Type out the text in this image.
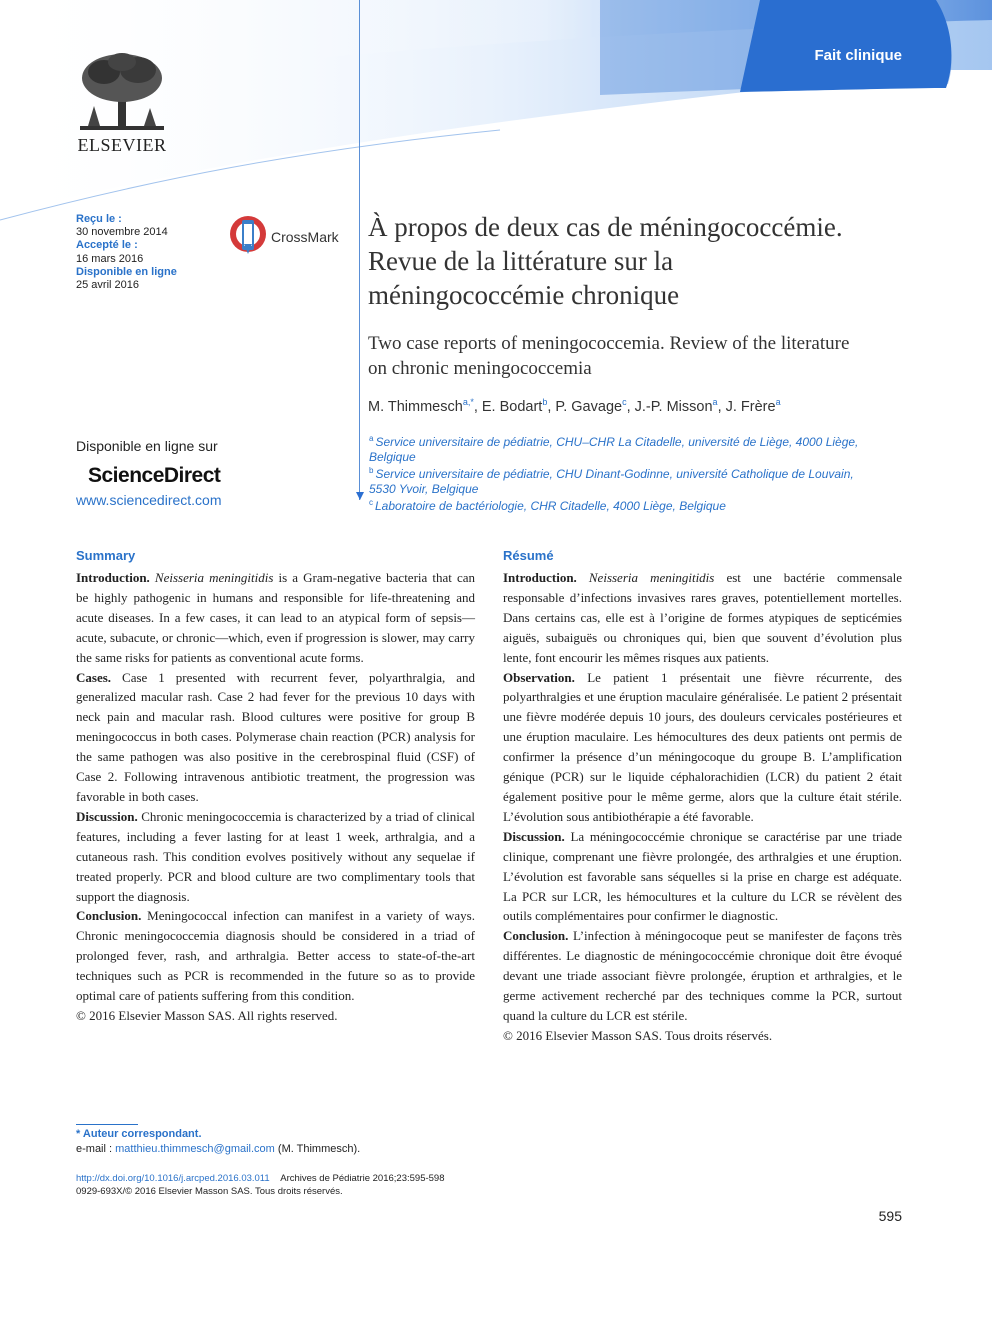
Fait clinique
ELSEVIER
Reçu le :
30 novembre 2014
Accepté le :
16 mars 2016
Disponible en ligne
25 avril 2016
CrossMark À propos de deux cas de méningococcémie.
Revue de la littérature sur la
méningococcémie chronique
Two case reports of meningococcemia. Review of the literature
on chronic meningococcemia
M. Thimmesch$^{a,*}$, E. Bodart$^b$, P. Gavage$^c$, J.-P. Misson$^a$, J. Frère$^a$
$^a$ Service universitaire de pédiatrie, CHU–CHR La Citadelle, université de Liège, 4000 Liège,
Belgique
$^b$ Service universitaire de pédiatrie, CHU Dinant-Godinne, université Catholique de Louvain,
5530 Yvoir, Belgique
$^c$ Laboratoire de bactériologie, CHR Citadelle, 4000 Liège, Belgique
Disponible en ligne sur
ScienceDirect
www.sciencedirect.com
Summary

Introduction. Neisseria meningitidis is a Gram-negative bacteria that can be highly pathogenic in humans and responsible for life-threatening and acute diseases. In a few cases, it can lead to an atypical form of sepsis—acute, subacute, or chronic—which, even if progression is slower, may carry the same risks for patients as conventional acute forms.

Cases. Case 1 presented with recurrent fever, polyarthralgia, and generalized macular rash. Case 2 had fever for the previous 10 days with neck pain and macular rash. Blood cultures were positive for group B meningococcus in both cases. Polymerase chain reaction (PCR) analysis for the same pathogen was also positive in the cerebrospinal fluid (CSF) of Case 2. Following intravenous antibiotic treatment, the progression was favorable in both cases.

Discussion. Chronic meningococcemia is characterized by a triad of clinical features, including a fever lasting for at least 1 week, arthralgia, and a cutaneous rash. This condition evolves positively without any sequelae if treated properly. PCR and blood culture are two complimentary tools that support the diagnosis.

Conclusion. Meningococcal infection can manifest in a variety of ways. Chronic meningococcemia diagnosis should be considered in a triad of prolonged fever, rash, and arthralgia. Better access to state-of-the-art techniques such as PCR is recommended in the future so as to provide optimal care of patients suffering from this condition.

© 2016 Elsevier Masson SAS. All rights reserved.

Résumé

Introduction. Neisseria meningitidis est une bactérie commensale responsable d’infections invasives rares graves, potentiellement mortelles. Dans certains cas, elle est à l’origine de formes atypiques de septicémies aiguës, subaiguës ou chroniques qui, bien que souvent d’évolution plus lente, font encourir les mêmes risques aux patients.

Observation. Le patient 1 présentait une fièvre récurrente, des polyarthralgies et une éruption maculaire généralisée. Le patient 2 présentait une fièvre modérée depuis 10 jours, des douleurs cervicales postérieures et une éruption maculaire. Les hémocultures des deux patients ont permis de confirmer la présence d’un méningocoque du groupe B. L’amplification génique (PCR) sur le liquide céphalorachidien (LCR) du patient 2 était également positive pour le même germe, alors que la culture était stérile. L’évolution sous antibiothérapie a été favorable.

Discussion. La méningococcémie chronique se caractérise par une triade clinique, comprenant une fièvre prolongée, des arthralgies et une éruption. L’évolution est favorable sans séquelles si la prise en charge est adéquate. La PCR sur LCR, les hémocultures et la culture du LCR se révèlent des outils complémentaires pour confirmer le diagnostic.

Conclusion. L’infection à méningocoque peut se manifester de façons très différentes. Le diagnostic de méningococcémie chronique doit être évoqué devant une triade associant fièvre prolongée, éruption et arthralgies, et le germe activement recherché par des techniques comme la PCR, surtout quand la culture du LCR est stérile.

© 2016 Elsevier Masson SAS. Tous droits réservés.

* Auteur correspondant.
e-mail : matthieu.thimmesch@gmail.com (M. Thimmesch).
http://dx.doi.org/10.1016/j.arcped.2016.03.011 Archives de Pédiatrie 2016;23:595-598
0929-693X/© 2016 Elsevier Masson SAS. Tous droits réservés.
595
